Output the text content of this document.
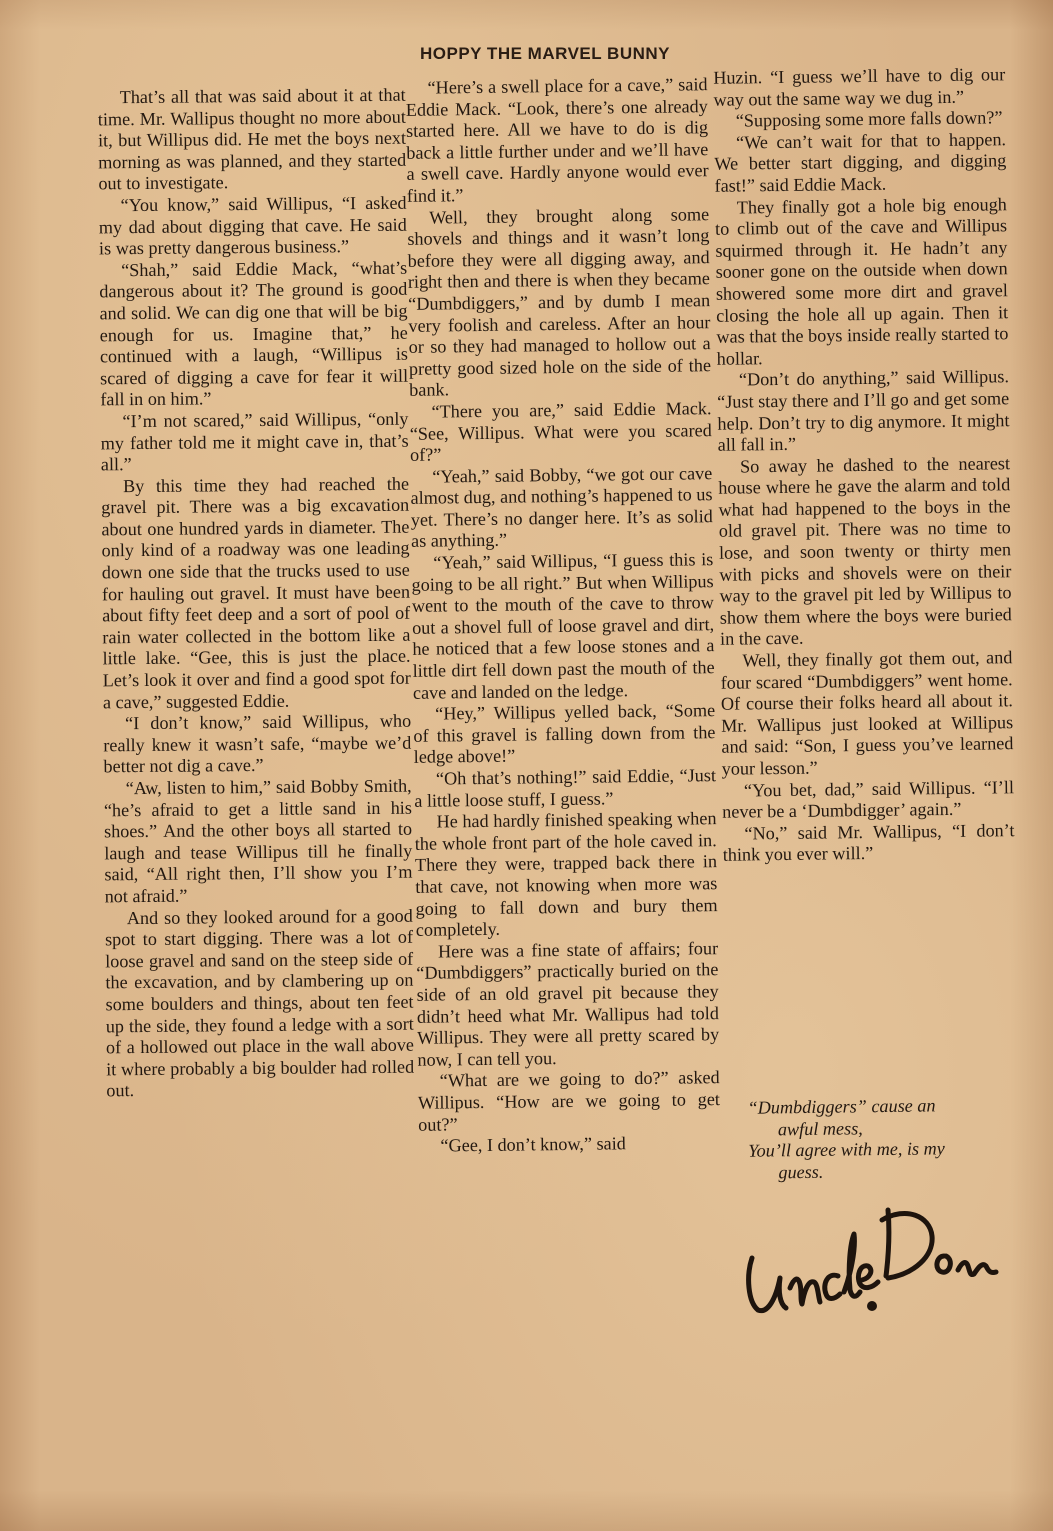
HOPPY THE MARVEL BUNNY

That’s all that was said about it at that time. Mr. Wallipus thought no more about it, but Willipus did. He met the boys next morning as was planned, and they started out to investigate.

“You know,” said Willipus, “I asked my dad about digging that cave. He said is was pretty dangerous business.”

“Shah,” said Eddie Mack, “what’s dangerous about it? The ground is good and solid. We can dig one that will be big enough for us. Imagine that,” he continued with a laugh, “Willipus is scared of digging a cave for fear it will fall in on him.”

“I’m not scared,” said Willipus, “only my father told me it might cave in, that’s all.”

By this time they had reached the gravel pit. There was a big excavation about one hundred yards in diameter. The only kind of a roadway was one leading down one side that the trucks used to use for hauling out gravel. It must have been about fifty feet deep and a sort of pool of rain water collected in the bottom like a little lake. “Gee, this is just the place. Let’s look it over and find a good spot for a cave,” suggested Eddie.

“I don’t know,” said Willipus, who really knew it wasn’t safe, “maybe we’d better not dig a cave.”

“Aw, listen to him,” said Bobby Smith, “he’s afraid to get a little sand in his shoes.” And the other boys all started to laugh and tease Willipus till he finally said, “All right then, I’ll show you I’m not afraid.”

And so they looked around for a good spot to start digging. There was a lot of loose gravel and sand on the steep side of the excavation, and by clambering up on some boulders and things, about ten feet up the side, they found a ledge with a sort of a hollowed out place in the wall above it where probably a big boulder had rolled out.

“Here’s a swell place for a cave,” said Eddie Mack. “Look, there’s one already started here. All we have to do is dig back a little further under and we’ll have a swell cave. Hardly anyone would ever find it.”

Well, they brought along some shovels and things and it wasn’t long before they were all digging away, and right then and there is when they became “Dumbdiggers,” and by dumb I mean very foolish and careless. After an hour or so they had managed to hollow out a pretty good sized hole on the side of the bank.

“There you are,” said Eddie Mack. “See, Willipus. What were you scared of?”

“Yeah,” said Bobby, “we got our cave almost dug, and nothing’s happened to us yet. There’s no danger here. It’s as solid as anything.”

“Yeah,” said Willipus, “I guess this is going to be all right.” But when Willipus went to the mouth of the cave to throw out a shovel full of loose gravel and dirt, he noticed that a few loose stones and a little dirt fell down past the mouth of the cave and landed on the ledge.

“Hey,” Willipus yelled back, “Some of this gravel is falling down from the ledge above!”

“Oh that’s nothing!” said Eddie, “Just a little loose stuff, I guess.”

He had hardly finished speaking when the whole front part of the hole caved in. There they were, trapped back there in that cave, not knowing when more was going to fall down and bury them completely.

Here was a fine state of affairs; four “Dumbdiggers” practically buried on the side of an old gravel pit because they didn’t heed what Mr. Wallipus had told Willipus. They were all pretty scared by now, I can tell you.

“What are we going to do?” asked Willipus. “How are we going to get out?”

“Gee, I don’t know,” said

Huzin. “I guess we’ll have to dig our way out the same way we dug in.”

“Supposing some more falls down?”

“We can’t wait for that to happen. We better start digging, and digging fast!” said Eddie Mack.

They finally got a hole big enough to climb out of the cave and Willipus squirmed through it. He hadn’t any sooner gone on the outside when down showered some more dirt and gravel closing the hole all up again. Then it was that the boys inside really started to hollar.

“Don’t do anything,” said Willipus. “Just stay there and I’ll go and get some help. Don’t try to dig anymore. It might all fall in.”

So away he dashed to the nearest house where he gave the alarm and told what had happened to the boys in the old gravel pit. There was no time to lose, and soon twenty or thirty men with picks and shovels were on their way to the gravel pit led by Willipus to show them where the boys were buried in the cave.

Well, they finally got them out, and four scared “Dumbdiggers” went home. Of course their folks heard all about it. Mr. Wallipus just looked at Willipus and said: “Son, I guess you’ve learned your lesson.”

“You bet, dad,” said Willipus. “I’ll never be a ‘Dumbdigger’ again.”

“No,” said Mr. Wallipus, “I don’t think you ever will.”

“Dumbdiggers” cause an
awful mess,
You’ll agree with me, is my
guess.
